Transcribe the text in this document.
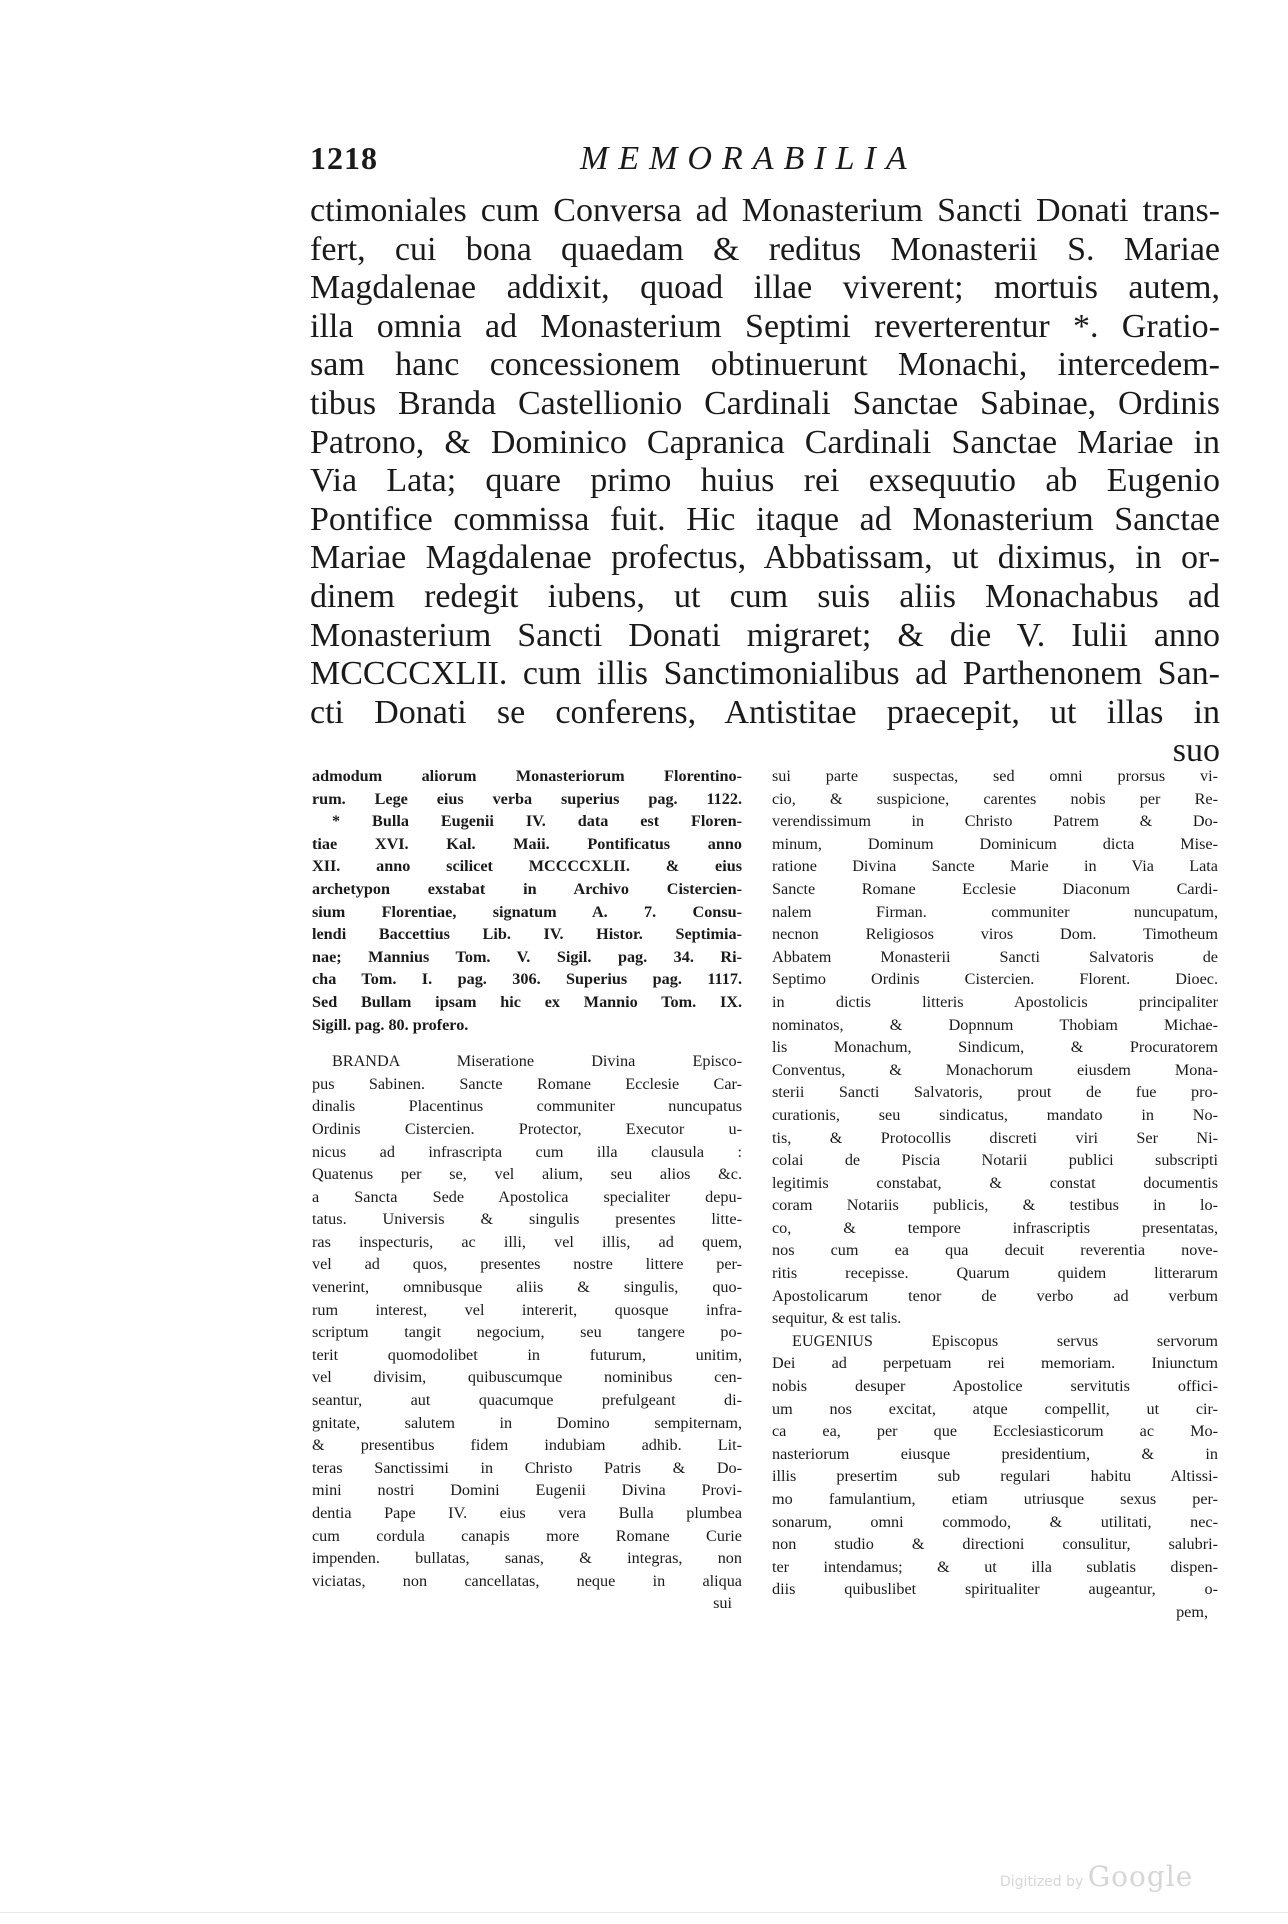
1218	MEMORABILIA
ctimoniales cum Conversa ad Monasterium Sancti Donati trans-
fert, cui bona quaedam & reditus Monasterii S. Mariae
Magdalenae addixit, quoad illae viverent; mortuis autem,
illa omnia ad Monasterium Septimi reverterentur *. Gratio-
sam hanc concessionem obtinuerunt Monachi, intercedem-
tibus Branda Castellionio Cardinali Sanctae Sabinae, Ordinis
Patrono, & Dominico Capranica Cardinali Sanctae Mariae in
Via Lata; quare primo huius rei exsequutio ab Eugenio
Pontifice commissa fuit. Hic itaque ad Monasterium Sanctae
Mariae Magdalenae profectus, Abbatissam, ut diximus, in or-
dinem redegit iubens, ut cum suis aliis Monachabus ad
Monasterium Sancti Donati migraret; & die V. Iulii anno
MCCCCXLII. cum illis Sanctimonialibus ad Parthenonem San-
cti Donati se conferens, Antistitae praecepit, ut illas in
suo
admodum aliorum Monasteriorum Florentino-
rum. Lege eius verba superius pag. 1122.
* Bulla Eugenii IV. data est Floren-
tiae XVI. Kal. Maii. Pontificatus anno
XII. anno scilicet MCCCCXLII. & eius
archetypon exstabat in Archivo Cistercien-
sium Florentiae, signatum A. 7. Consu-
lendi Baccettius Lib. IV. Histor. Septimia-
nae; Mannius Tom. V. Sigil. pag. 34. Ri-
cha Tom. I. pag. 306. Superius pag. 1117.
Sed Bullam ipsam hic ex Mannio Tom. IX.
Sigill. pag. 80. profero.
BRANDA Miseratione Divina Episco-
pus Sabinen. Sancte Romane Ecclesie Car-
dinalis Placentinus communiter nuncupatus
Ordinis Cistercien. Protector, Executor u-
nicus ad infrascripta cum illa clausula :
Quatenus per se, vel alium, seu alios &c.
a Sancta Sede Apostolica specialiter depu-
tatus. Universis & singulis presentes litte-
ras inspecturis, ac illi, vel illis, ad quem,
vel ad quos, presentes nostre littere per-
venerint, omnibusque aliis & singulis, quo-
rum interest, vel intererit, quosque infra-
scriptum tangit negocium, seu tangere po-
terit quomodolibet in futurum, unitim,
vel divisim, quibuscumque nominibus cen-
seantur, aut quacumque prefulgeant di-
gnitate, salutem in Domino sempiternam,
& presentibus fidem indubiam adhib. Lit-
teras Sanctissimi in Christo Patris & Do-
mini nostri Domini Eugenii Divina Provi-
dentia Pape IV. eius vera Bulla plumbea
cum cordula canapis more Romane Curie
impenden. bullatas, sanas, & integras, non
viciatas, non cancellatas, neque in aliqua
sui
sui parte suspectas, sed omni prorsus vi-
cio, & suspicione, carentes nobis per Re-
verendissimum in Christo Patrem & Do-
minum, Dominum Dominicum dicta Mise-
ratione Divina Sancte Marie in Via Lata
Sancte Romane Ecclesie Diaconum Cardi-
nalem Firman. communiter nuncupatum,
necnon Religiosos viros Dom. Timotheum
Abbatem Monasterii Sancti Salvatoris de
Septimo Ordinis Cistercien. Florent. Dioec.
in dictis litteris Apostolicis principaliter
nominatos, & Dopnnum Thobiam Michae-
lis Monachum, Sindicum, & Procuratorem
Conventus, & Monachorum eiusdem Mona-
sterii Sancti Salvatoris, prout de fue pro-
curationis, seu sindicatus, mandato in No-
tis, & Protocollis discreti viri Ser Ni-
colai de Piscia Notarii publici subscripti
legitimis constabat, & constat documentis
coram Notariis publicis, & testibus in lo-
co, & tempore infrascriptis presentatas,
nos cum ea qua decuit reverentia nove-
ritis recepisse. Quarum quidem litterarum
Apostolicarum tenor de verbo ad verbum
sequitur, & est talis.
EUGENIUS Episcopus servus servorum
Dei ad perpetuam rei memoriam. Iniunctum
nobis desuper Apostolice servitutis offici-
um nos excitat, atque compellit, ut cir-
ca ea, per que Ecclesiasticorum ac Mo-
nasteriorum eiusque presidentium, & in
illis presertim sub regulari habitu Altissi-
mo famulantium, etiam utriusque sexus per-
sonarum, omni commodo, & utilitati, nec-
non studio & directioni consulitur, salubri-
ter intendamus; & ut illa sublatis dispen-
diis quibuslibet spiritualiter augeantur, o-
pem,
Digitized by Google
